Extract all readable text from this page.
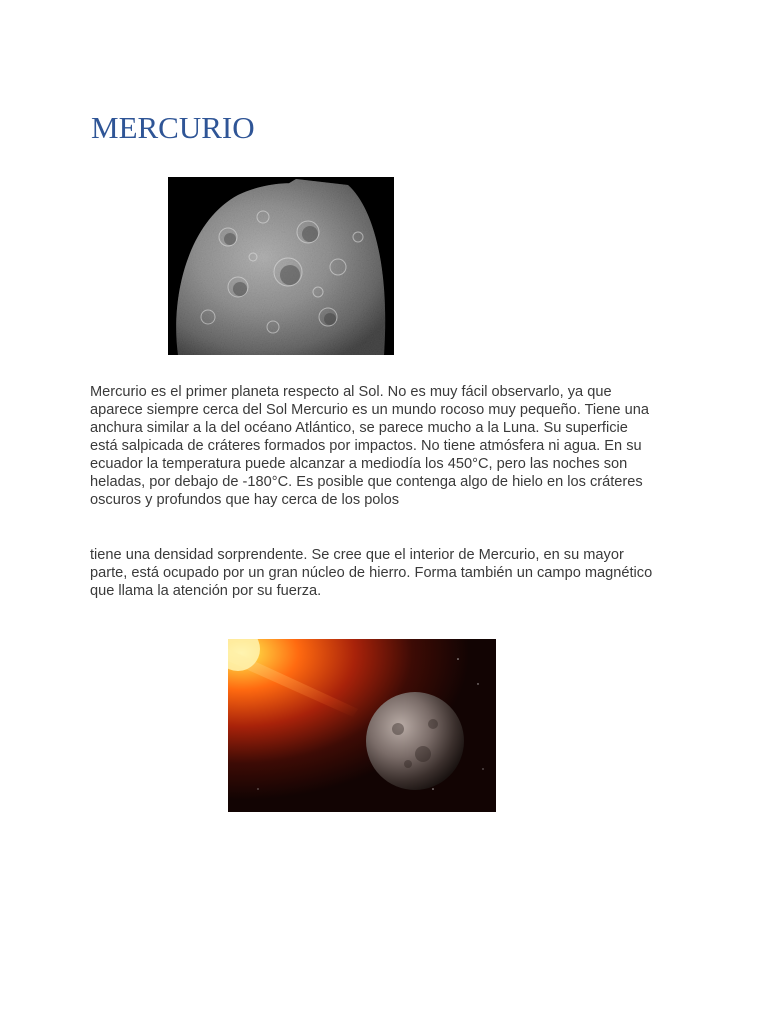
MERCURIO

Mercurio es el primer planeta respecto al Sol. No es muy fácil observarlo, ya que
aparece siempre cerca del Sol Mercurio es un mundo rocoso muy pequeño. Tiene una
anchura similar a la del océano Atlántico, se parece mucho a la Luna. Su superficie
está salpicada de cráteres formados por impactos. No tiene atmósfera ni agua. En su
ecuador la temperatura puede alcanzar a mediodía los 450°C, pero las noches son
heladas, por debajo de -180°C. Es posible que contenga algo de hielo en los cráteres
oscuros y profundos que hay cerca de los polos

tiene una densidad sorprendente. Se cree que el interior de Mercurio, en su mayor
parte, está ocupado por un gran núcleo de hierro. Forma también un campo magnético
que llama la atención por su fuerza.
